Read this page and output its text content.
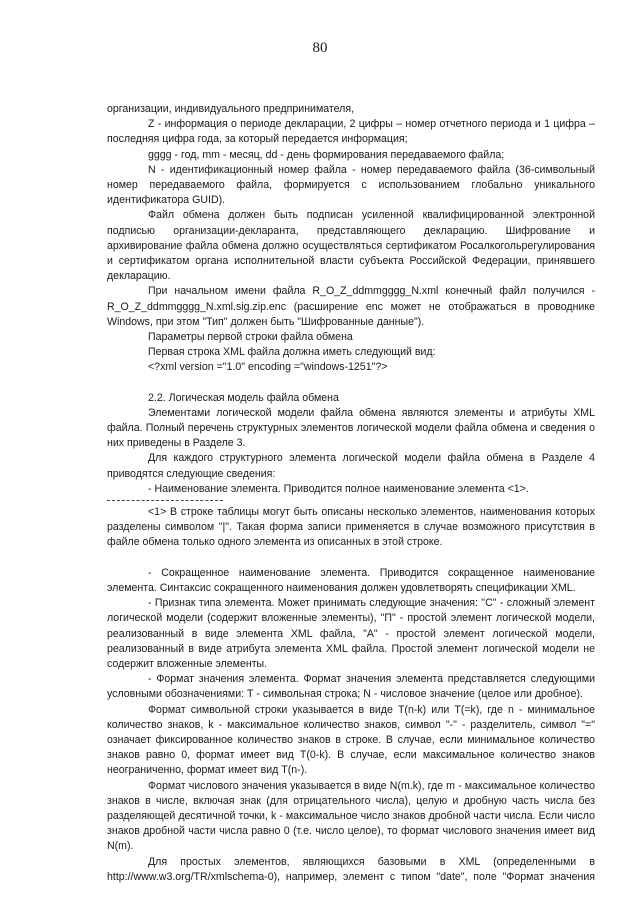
80

организации, индивидуального предпринимателя,

Z - информация о периоде декларации, 2 цифры – номер отчетного периода и 1 цифра – последняя цифра года, за который передается информация;

gggg - год, mm - месяц, dd - день формирования передаваемого файла;

N - идентификационный номер файла - номер передаваемого файла (36-символьный номер передаваемого файла, формируется с использованием глобально уникального идентификатора GUID).

Файл обмена должен быть подписан усиленной квалифицированной электронной подписью организации-декларанта, представляющего декларацию. Шифрование и архивирование файла обмена должно осуществляться сертификатом Росалкогольрегулирования и сертификатом органа исполнительной власти субъекта Российской Федерации, принявшего декларацию.

При начальном имени файла R_O_Z_ddmmgggg_N.xml конечный файл получился - R_O_Z_ddmmgggg_N.xml.sig.zip.enc (расширение enc может не отображаться в проводнике Windows, при этом "Тип" должен быть "Шифрованные данные").

Параметры первой строки файла обмена

Первая строка XML файла должна иметь следующий вид:

<?xml version ="1.0" encoding ="windows-1251"?>

2.2. Логическая модель файла обмена

Элементами логической модели файла обмена являются элементы и атрибуты XML файла. Полный перечень структурных элементов логической модели файла обмена и сведения о них приведены в Разделе 3.

Для каждого структурного элемента логической модели файла обмена в Разделе 4 приводятся следующие сведения:

- Наименование элемента. Приводится полное наименование элемента <1>.

<1> В строке таблицы могут быть описаны несколько элементов, наименования которых разделены символом "|". Такая форма записи применяется в случае возможного присутствия в файле обмена только одного элемента из описанных в этой строке.

- Сокращенное наименование элемента. Приводится сокращенное наименование элемента. Синтаксис сокращенного наименования должен удовлетворять спецификации XML.

- Признак типа элемента. Может принимать следующие значения: "С" - сложный элемент логической модели (содержит вложенные элементы), "П" - простой элемент логической модели, реализованный в виде элемента XML файла, "А" - простой элемент логической модели, реализованный в виде атрибута элемента XML файла. Простой элемент логической модели не содержит вложенные элементы.

- Формат значения элемента. Формат значения элемента представляется следующими условными обозначениями: Т - символьная строка; N - числовое значение (целое или дробное).

Формат символьной строки указывается в виде Т(n-k) или Т(=k), где n - минимальное количество знаков, k - максимальное количество знаков, символ "-" - разделитель, символ "=" означает фиксированное количество знаков в строке. В случае, если минимальное количество знаков равно 0, формат имеет вид Т(0-k). В случае, если максимальное количество знаков неограниченно, формат имеет вид Т(n-).

Формат числового значения указывается в виде N(m.k), где m - максимальное количество знаков в числе, включая знак (для отрицательного числа), целую и дробную часть числа без разделяющей десятичной точки, k - максимальное число знаков дробной части числа. Если число знаков дробной части числа равно 0 (т.е. число целое), то формат числового значения имеет вид N(m).

Для простых элементов, являющихся базовыми в XML (определенными в http://www.w3.org/TR/xmlschema-0), например, элемент с типом "date", поле "Формат значения
